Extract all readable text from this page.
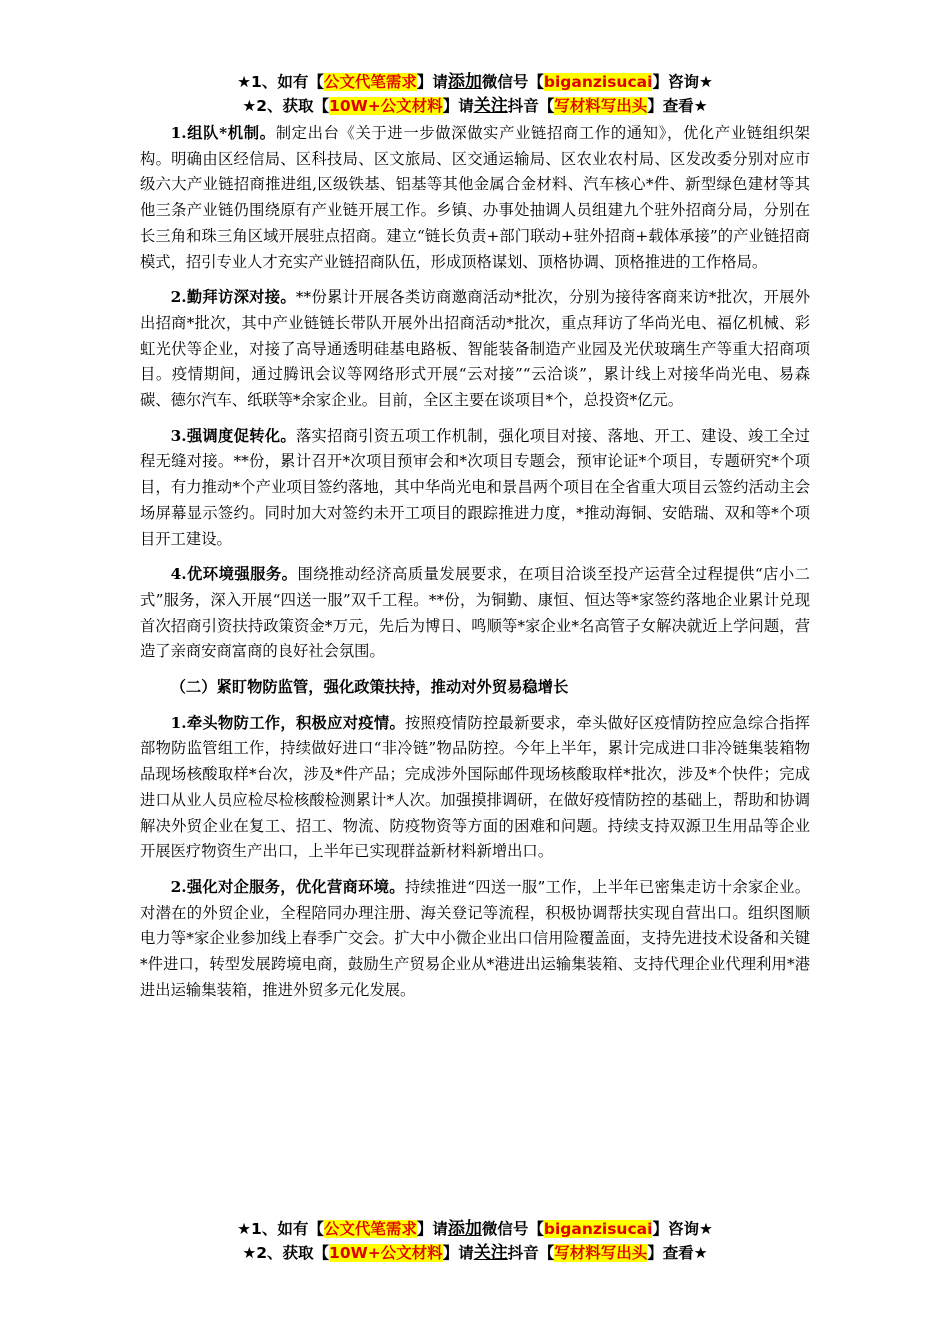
★1、如有【公文代笔需求】请添加微信号【biganzisucai】咨询★
★2、获取【10W+公文材料】请关注抖音【写材料写出头】查看★

1.组队*机制。制定出台《关于进一步做深做实产业链招商工作的通知》，优化产业链组织架构。明确由区经信局、区科技局、区文旅局、区交通运输局、区农业农村局、区发改委分别对应市级六大产业链招商推进组,区级铁基、铝基等其他金属合金材料、汽车核心*件、新型绿色建材等其他三条产业链仍围绕原有产业链开展工作。乡镇、办事处抽调人员组建九个驻外招商分局，分别在长三角和珠三角区域开展驻点招商。建立“链长负责+部门联动+驻外招商+载体承接”的产业链招商模式，招引专业人才充实产业链招商队伍，形成顶格谋划、顶格协调、顶格推进的工作格局。

2.勤拜访深对接。**份累计开展各类访商邀商活动*批次，分别为接待客商来访*批次，开展外出招商*批次，其中产业链链长带队开展外出招商活动*批次，重点拜访了华尚光电、福亿机械、彩虹光伏等企业，对接了高导通透明硅基电路板、智能装备制造产业园及光伏玻璃生产等重大招商项目。疫情期间，通过腾讯会议等网络形式开展“云对接”“云洽谈”，累计线上对接华尚光电、易森碳、德尔汽车、纸联等*余家企业。目前，全区主要在谈项目*个，总投资*亿元。

3.强调度促转化。落实招商引资五项工作机制，强化项目对接、落地、开工、建设、竣工全过程无缝对接。**份，累计召开*次项目预审会和*次项目专题会，预审论证*个项目，专题研究*个项目，有力推动*个产业项目签约落地，其中华尚光电和景昌两个项目在全省重大项目云签约活动主会场屏幕显示签约。同时加大对签约未开工项目的跟踪推进力度，*推动海铜、安皓瑞、双和等*个项目开工建设。

4.优环境强服务。围绕推动经济高质量发展要求，在项目洽谈至投产运营全过程提供“店小二式”服务，深入开展“四送一服”双千工程。**份，为铜勤、康恒、恒达等*家签约落地企业累计兑现首次招商引资扶持政策资金*万元，先后为博日、鸣顺等*家企业*名高管子女解决就近上学问题，营造了亲商安商富商的良好社会氛围。

（二）紧盯物防监管，强化政策扶持，推动对外贸易稳增长

1.牵头物防工作，积极应对疫情。按照疫情防控最新要求，牵头做好区疫情防控应急综合指挥部物防监管组工作，持续做好进口“非冷链”物品防控。今年上半年，累计完成进口非冷链集装箱物品现场核酸取样*台次，涉及*件产品；完成涉外国际邮件现场核酸取样*批次，涉及*个快件；完成进口从业人员应检尽检核酸检测累计*人次。加强摸排调研，在做好疫情防控的基础上，帮助和协调解决外贸企业在复工、招工、物流、防疫物资等方面的困难和问题。持续支持双源卫生用品等企业开展医疗物资生产出口，上半年已实现群益新材料新增出口。

2.强化对企服务，优化营商环境。持续推进“四送一服”工作，上半年已密集走访十余家企业。对潜在的外贸企业，全程陪同办理注册、海关登记等流程，积极协调帮扶实现自营出口。组织图顺电力等*家企业参加线上春季广交会。扩大中小微企业出口信用险覆盖面，支持先进技术设备和关键*件进口，转型发展跨境电商，鼓励生产贸易企业从*港进出运输集装箱、支持代理企业代理利用*港进出运输集装箱，推进外贸多元化发展。

★1、如有【公文代笔需求】请添加微信号【biganzisucai】咨询★
★2、获取【10W+公文材料】请关注抖音【写材料写出头】查看★
